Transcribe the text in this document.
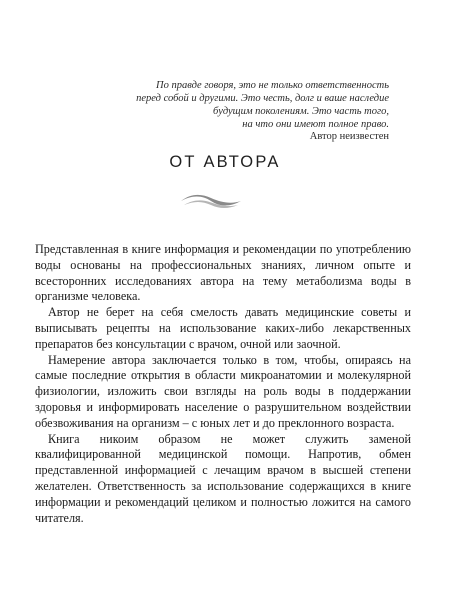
По правде говоря, это не только ответственность

перед собой и другими. Это честь, долг и ваше наследие

будущим поколениям. Это часть того,

на что они имеют полное право.

Автор неизвестен
ОТ АВТОРА

Представленная в книге информация и рекомендации по употреблению воды основаны на профессиональных знаниях, личном опыте и всесторонних исследованиях автора на тему метаболизма воды в организме человека.

Автор не берет на себя смелость давать медицинские советы и выписывать рецепты на использование каких-либо лекарственных препаратов без консультации с врачом, очной или заочной.

Намерение автора заключается только в том, чтобы, опираясь на самые последние открытия в области микроанатомии и молекулярной физиологии, изложить свои взгляды на роль воды в поддержании здоровья и информировать население о разрушительном воздействии обезвоживания на организм – с юных лет и до преклонного возраста.

Книга никоим образом не может служить заменой квалифицированной медицинской помощи. Напротив, обмен представленной информацией с лечащим врачом в высшей степени желателен. Ответственность за использование содержащихся в книге информации и рекомендаций целиком и полностью ложится на самого читателя.
